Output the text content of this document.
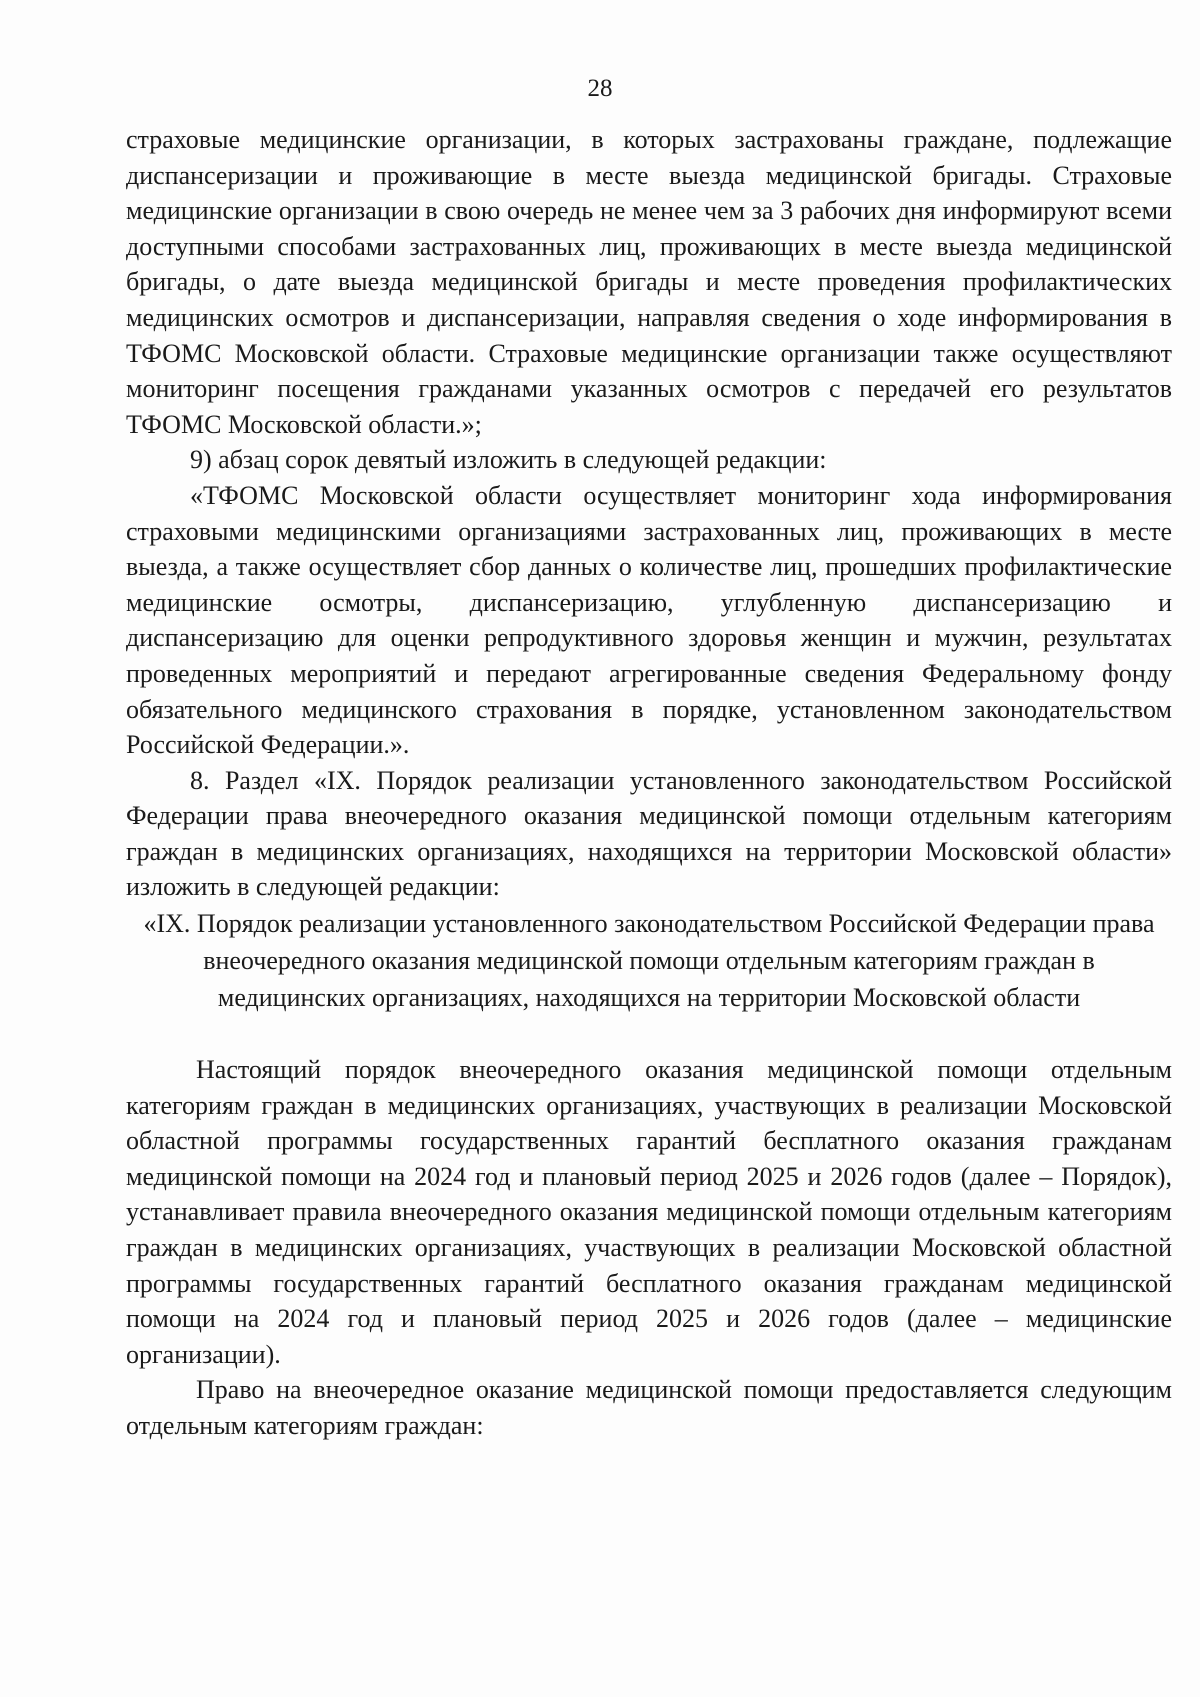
28

страховые медицинские организации, в которых застрахованы граждане, подлежащие диспансеризации и проживающие в месте выезда медицинской бригады. Страховые медицинские организации в свою очередь не менее чем за 3 рабочих дня информируют всеми доступными способами застрахованных лиц, проживающих в месте выезда медицинской бригады, о дате выезда медицинской бригады и месте проведения профилактических медицинских осмотров и диспансеризации, направляя сведения о ходе информирования в ТФОМС Московской области. Страховые медицинские организации также осуществляют мониторинг посещения гражданами указанных осмотров с передачей его результатов ТФОМС Московской области.»;

9) абзац сорок девятый изложить в следующей редакции:

«ТФОМС Московской области осуществляет мониторинг хода информирования страховыми медицинскими организациями застрахованных лиц, проживающих в месте выезда, а также осуществляет сбор данных о количестве лиц, прошедших профилактические медицинские осмотры, диспансеризацию, углубленную диспансеризацию и диспансеризацию для оценки репродуктивного здоровья женщин и мужчин, результатах проведенных мероприятий и передают агрегированные сведения Федеральному фонду обязательного медицинского страхования в порядке, установленном законодательством Российской Федерации.».

8. Раздел «IX. Порядок реализации установленного законодательством Российской Федерации права внеочередного оказания медицинской помощи отдельным категориям граждан в медицинских организациях, находящихся на территории Московской области» изложить в следующей редакции:

«IX. Порядок реализации установленного законодательством Российской Федерации права внеочередного оказания медицинской помощи отдельным категориям граждан в медицинских организациях, находящихся на территории Московской области

Настоящий порядок внеочередного оказания медицинской помощи отдельным категориям граждан в медицинских организациях, участвующих в реализации Московской областной программы государственных гарантий бесплатного оказания гражданам медицинской помощи на 2024 год и плановый период 2025 и 2026 годов (далее – Порядок), устанавливает правила внеочередного оказания медицинской помощи отдельным категориям граждан в медицинских организациях, участвующих в реализации Московской областной программы государственных гарантий бесплатного оказания гражданам медицинской помощи на 2024 год и плановый период 2025 и 2026 годов (далее – медицинские организации).

Право на внеочередное оказание медицинской помощи предоставляется следующим отдельным категориям граждан:
